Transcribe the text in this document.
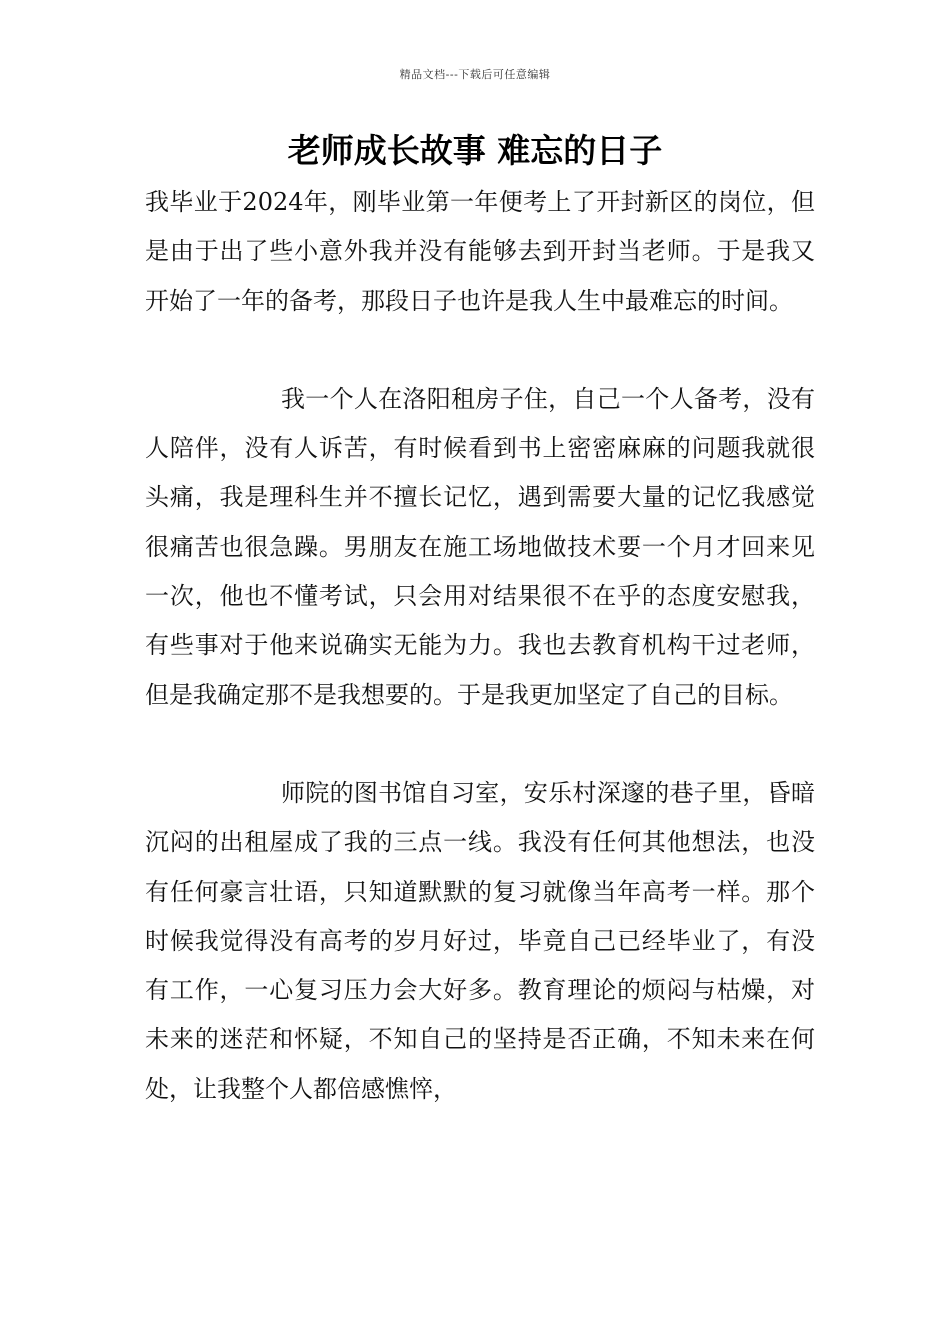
精品文档---下载后可任意编辑
老师成长故事 难忘的日子

我毕业于2024年，刚毕业第一年便考上了开封新区的岗位，但是由于出了些小意外我并没有能够去到开封当老师。于是我又开始了一年的备考，那段日子也许是我人生中最难忘的时间。

我一个人在洛阳租房子住，自己一个人备考，没有人陪伴，没有人诉苦，有时候看到书上密密麻麻的问题我就很头痛，我是理科生并不擅长记忆，遇到需要大量的记忆我感觉很痛苦也很急躁。男朋友在施工场地做技术要一个月才回来见一次，他也不懂考试，只会用对结果很不在乎的态度安慰我，有些事对于他来说确实无能为力。我也去教育机构干过老师，但是我确定那不是我想要的。于是我更加坚定了自己的目标。

师院的图书馆自习室，安乐村深邃的巷子里，昏暗沉闷的出租屋成了我的三点一线。我没有任何其他想法，也没有任何豪言壮语，只知道默默的复习就像当年高考一样。那个时候我觉得没有高考的岁月好过，毕竟自己已经毕业了，有没有工作，一心复习压力会大好多。教育理论的烦闷与枯燥，对未来的迷茫和怀疑，不知自己的坚持是否正确，不知未来在何处，让我整个人都倍感憔悴，
